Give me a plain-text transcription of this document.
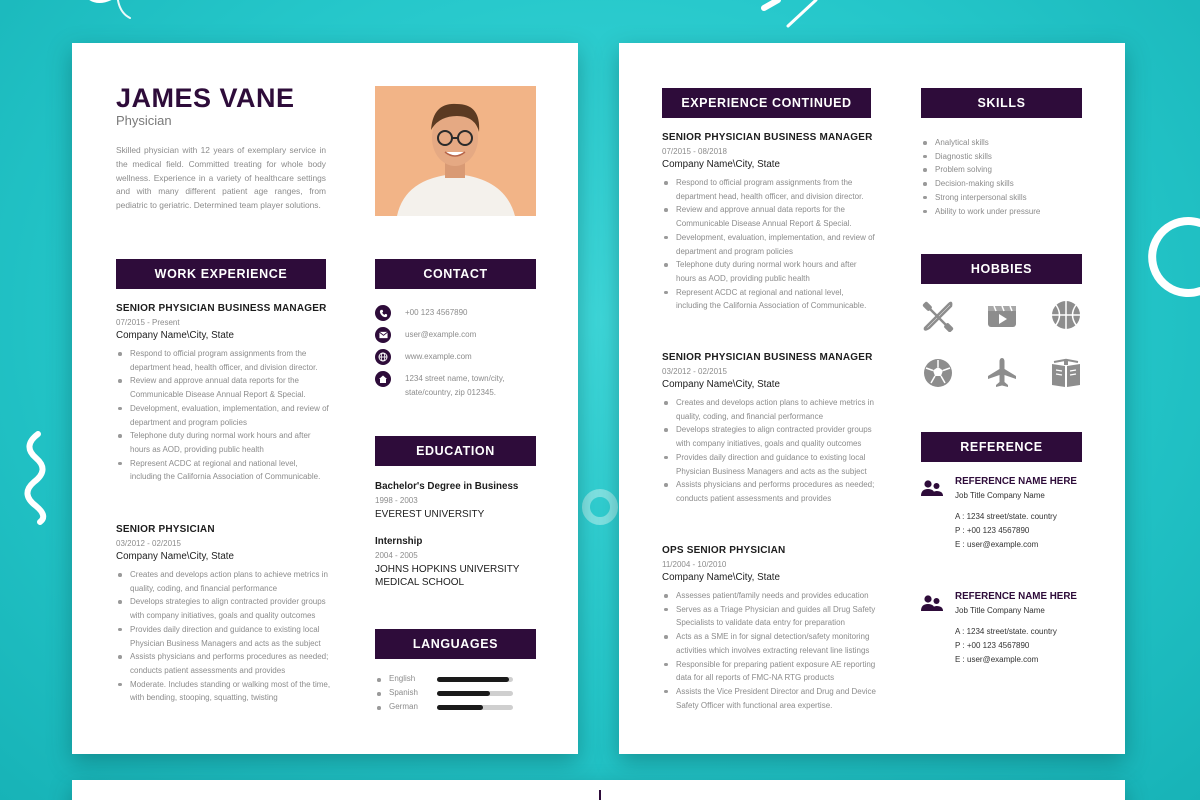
JAMES VANE
Physician
Skilled physician with 12 years of exemplary service in the medical field. Committed treating for whole body wellness. Experience in a variety of healthcare settings and with many different patient age ranges, from pediatric to geriatric. Determined team player solutions.
WORK EXPERIENCE
SENIOR PHYSICIAN BUSINESS MANAGER
07/2015 - Present
Company Name\City, State
Respond to official program assignments from the department head, health officer, and division director.
Review and approve annual data reports for the Communicable Disease Annual Report & Special.
Development, evaluation, implementation, and review of department and program policies
Telephone duty during normal work hours and after hours as AOD, providing public health
Represent ACDC at regional and national level, including the California Association of Communicable.
SENIOR PHYSICIAN
03/2012 - 02/2015
Company Name\City, State
Creates and develops action plans to achieve metrics in quality, coding, and financial performance
Develops strategies to align contracted provider groups with company initiatives, goals and quality outcomes
Provides daily direction and guidance to existing local Physician Business Managers and acts as the subject
Assists physicians and performs procedures as needed; conducts patient assessments and provides
Moderate. Includes standing or walking most of the time, with bending, stooping, squatting, twisting
CONTACT
+00 123 4567890
user@example.com
www.example.com
1234 street name, town/city,
state/country, zip 012345.
EDUCATION
Bachelor's Degree in Business
1998 - 2003
EVEREST UNIVERSITY
Internship
2004 - 2005
JOHNS HOPKINS UNIVERSITY MEDICAL SCHOOL
LANGUAGES
English
Spanish
German
EXPERIENCE CONTINUED
SENIOR PHYSICIAN BUSINESS MANAGER
07/2015 - 08/2018
Company Name\City, State
Respond to official program assignments from the department head, health officer, and division director.
Review and approve annual data reports for the Communicable Disease Annual Report & Special.
Development, evaluation, implementation, and review of department and program policies
Telephone duty during normal work hours and after hours as AOD, providing public health
Represent ACDC at regional and national level, including the California Association of Communicable.
SENIOR PHYSICIAN BUSINESS MANAGER
03/2012 - 02/2015
Company Name\City, State
Creates and develops action plans to achieve metrics in quality, coding, and financial performance
Develops strategies to align contracted provider groups with company initiatives, goals and quality outcomes
Provides daily direction and guidance to existing local Physician Business Managers and acts as the subject
Assists physicians and performs procedures as needed; conducts patient assessments and provides
OPS SENIOR PHYSICIAN
11/2004 - 10/2010
Company Name\City, State
Assesses patient/family needs and provides education
Serves as a Triage Physician and guides all Drug Safety Specialists to validate data entry for preparation
Acts as a SME in for signal detection/safety monitoring activities which involves extracting relevant line listings
Responsible for preparing patient exposure AE reporting data for all reports of FMC-NA RTG products
Assists the Vice President Director and Drug and Device Safety Officer with functional area expertise.
SKILLS
Analytical skills
Diagnostic skills
Problem solving
Decision-making skills
Strong interpersonal skills
Ability to work under pressure
HOBBIES
REFERENCE
REFERENCE NAME HERE
Job Title Company Name
A : 1234 street/state. country
P : +00 123 4567890
E : user@example.com
REFERENCE NAME HERE
Job Title Company Name
A : 1234 street/state. country
P : +00 123 4567890
E : user@example.com
